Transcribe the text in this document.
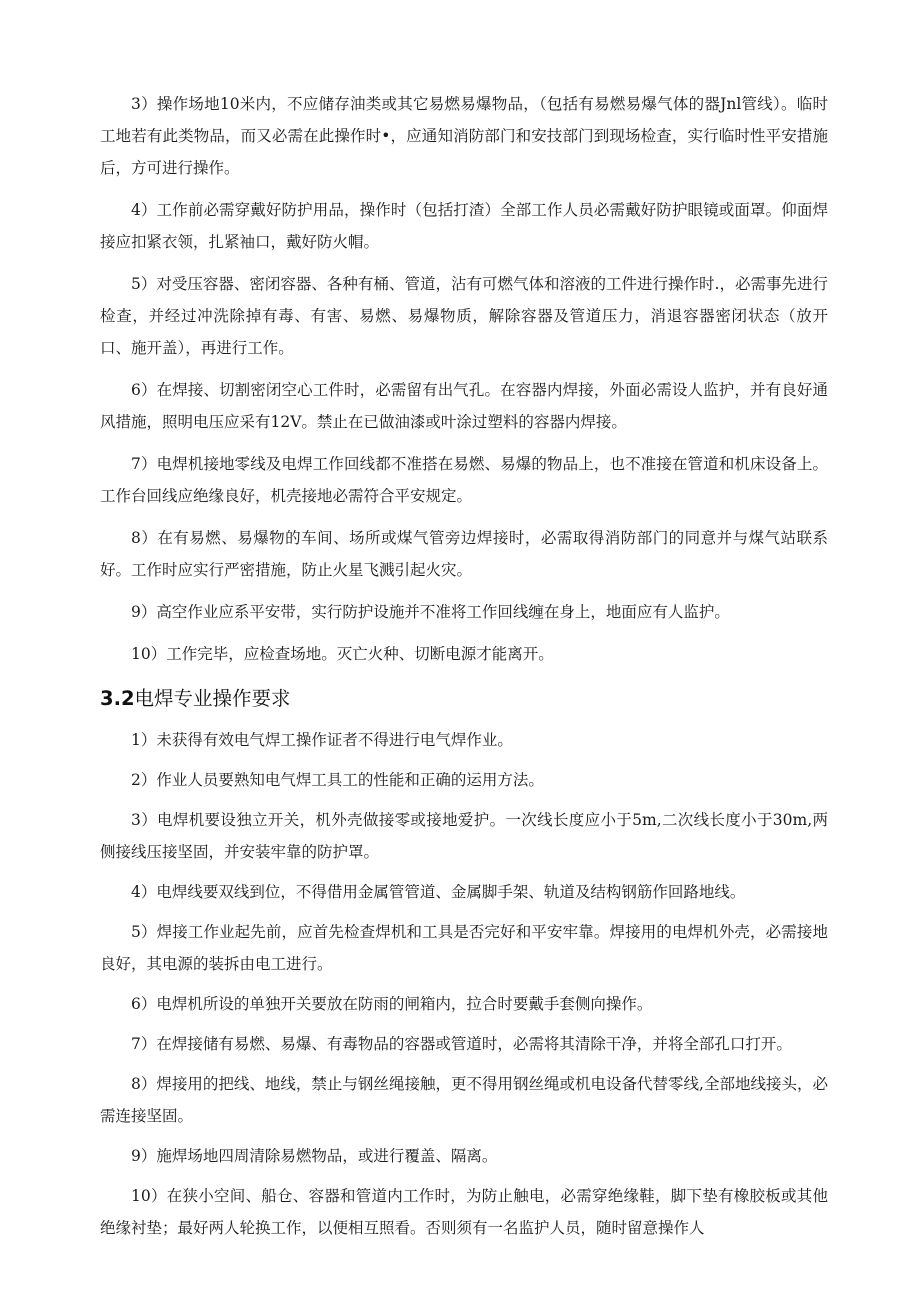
3）操作场地10米内，不应储存油类或其它易燃易爆物品，（包括有易燃易爆气体的器Jnl管线）。临时工地若有此类物品，而又必需在此操作时•，应通知消防部门和安技部门到现场检查，实行临时性平安措施后，方可进行操作。

4）工作前必需穿戴好防护用品，操作时（包括打渣）全部工作人员必需戴好防护眼镜或面罩。仰面焊接应扣紧衣领，扎紧袖口，戴好防火帽。

5）对受压容器、密闭容器、各种有桶、管道，沾有可燃气体和溶液的工件进行操作时.，必需事先进行检查，并经过冲洗除掉有毒、有害、易燃、易爆物质，解除容器及管道压力，消退容器密闭状态（放开口、施开盖），再进行工作。

6）在焊接、切割密闭空心工件时，必需留有出气孔。在容器内焊接，外面必需设人监护，并有良好通风措施，照明电压应采有12V。禁止在已做油漆或叶涂过塑料的容器内焊接。

7）电焊机接地零线及电焊工作回线都不准搭在易燃、易爆的物品上，也不准接在管道和机床设备上。工作台回线应绝缘良好，机壳接地必需符合平安规定。

8）在有易燃、易爆物的车间、场所或煤气管旁边焊接时，必需取得消防部门的同意并与煤气站联系好。工作时应实行严密措施，防止火星飞溅引起火灾。

9）高空作业应系平安带，实行防护设施并不准将工作回线缠在身上，地面应有人监护。

10）工作完毕，应检查场地。灭亡火种、切断电源才能离开。

3.2电焊专业操作要求

1）未获得有效电气焊工操作证者不得进行电气焊作业。

2）作业人员要熟知电气焊工具工的性能和正确的运用方法。

3）电焊机要设独立开关，机外壳做接零或接地爱护。一次线长度应小于5m,二次线长度小于30m,两侧接线压接坚固，并安装牢靠的防护罩。

4）电焊线要双线到位，不得借用金属管管道、金属脚手架、轨道及结构钢筋作回路地线。

5）焊接工作业起先前，应首先检查焊机和工具是否完好和平安牢靠。焊接用的电焊机外壳，必需接地良好，其电源的装拆由电工进行。

6）电焊机所设的单独开关要放在防雨的闸箱内，拉合时要戴手套侧向操作。

7）在焊接储有易燃、易爆、有毒物品的容器或管道时，必需将其清除干净，并将全部孔口打开。

8）焊接用的把线、地线，禁止与钢丝绳接触，更不得用钢丝绳或机电设备代替零线,全部地线接头，必需连接坚固。

9）施焊场地四周清除易燃物品，或进行覆盖、隔离。

10）在狭小空间、船仓、容器和管道内工作时，为防止触电，必需穿绝缘鞋，脚下垫有橡胶板或其他绝缘衬垫；最好两人轮换工作，以便相互照看。否则须有一名监护人员，随时留意操作人
